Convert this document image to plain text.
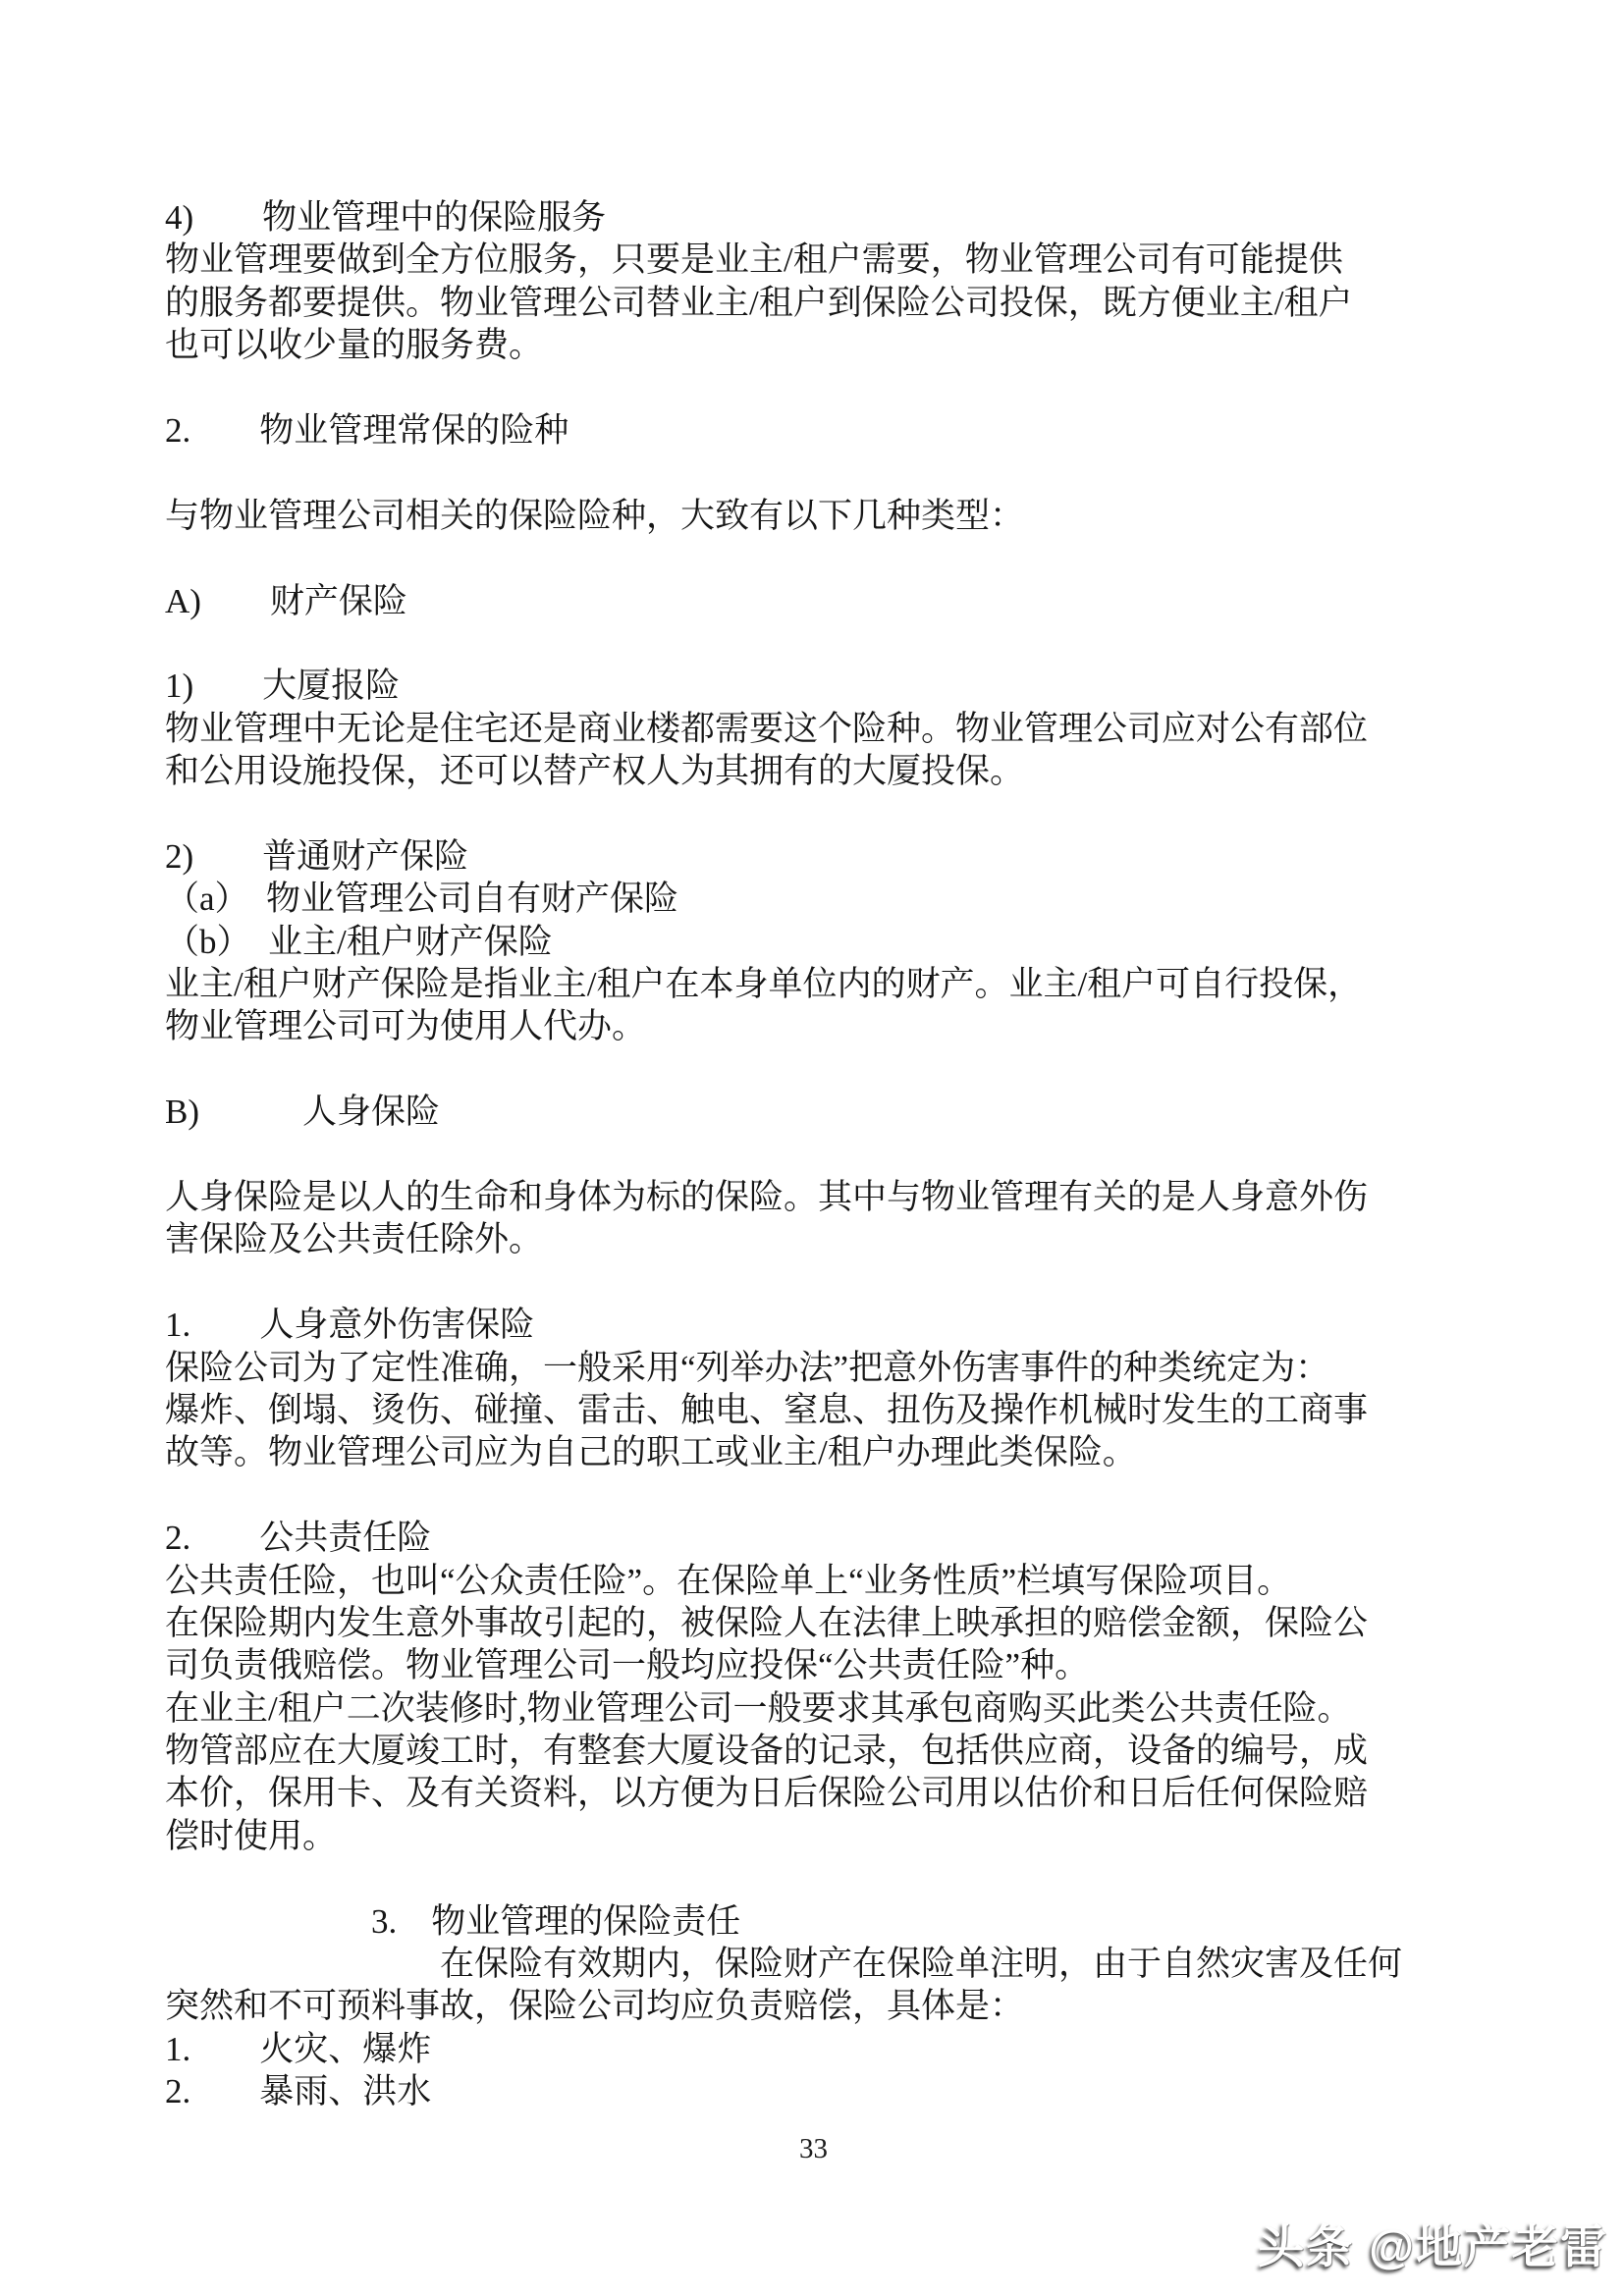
4)　　物业管理中的保险服务
物业管理要做到全方位服务，只要是业主/租户需要，物业管理公司有可能提供
的服务都要提供。物业管理公司替业主/租户到保险公司投保，既方便业主/租户
也可以收少量的服务费。
2.　　物业管理常保的险种
与物业管理公司相关的保险险种，大致有以下几种类型：
A)　　财产保险
1)　　大厦报险
物业管理中无论是住宅还是商业楼都需要这个险种。物业管理公司应对公有部位
和公用设施投保，还可以替产权人为其拥有的大厦投保。
2)　　普通财产保险
（a）　物业管理公司自有财产保险
（b）　业主/租户财产保险
业主/租户财产保险是指业主/租户在本身单位内的财产。业主/租户可自行投保，
物业管理公司可为使用人代办。
B)　　　人身保险
人身保险是以人的生命和身体为标的保险。其中与物业管理有关的是人身意外伤
害保险及公共责任除外。
1.　　人身意外伤害保险
保险公司为了定性准确，一般采用“列举办法”把意外伤害事件的种类统定为：
爆炸、倒塌、烫伤、碰撞、雷击、触电、窒息、扭伤及操作机械时发生的工商事
故等。物业管理公司应为自己的职工或业主/租户办理此类保险。
2.　　公共责任险
公共责任险，也叫“公众责任险”。在保险单上“业务性质”栏填写保险项目。
在保险期内发生意外事故引起的，被保险人在法律上映承担的赔偿金额，保险公
司负责俄赔偿。物业管理公司一般均应投保“公共责任险”种。
在业主/租户二次装修时,物业管理公司一般要求其承包商购买此类公共责任险。
物管部应在大厦竣工时，有整套大厦设备的记录，包括供应商，设备的编号，成
本价，保用卡、及有关资料，以方便为日后保险公司用以估价和日后任何保险赔
偿时使用。
　　　　　　3.　物业管理的保险责任
　　　　　　　　在保险有效期内，保险财产在保险单注明，由于自然灾害及任何
突然和不可预料事故，保险公司均应负责赔偿，具体是：
1.　　火灾、爆炸
2.　　暴雨、洪水
33
头条 @地产老雷
